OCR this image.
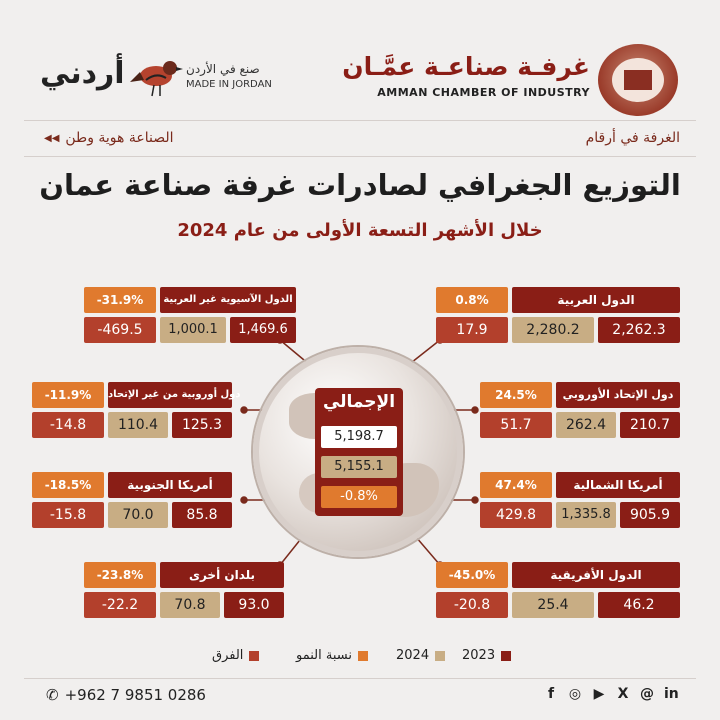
غرفـة صناعـة عمَّـان
AMMAN CHAMBER OF INDUSTRY
صنع في الأردن
MADE IN JORDAN
أردني
الغرفة في أرقام
الصناعة هوية وطن
◀◀
التوزيع الجغرافي لصادرات غرفة صناعة عمان
خلال الأشهر التسعة الأولى من عام 2024
الإجمالي
5,198.7
5,155.1
-0.8%
0.8%	الدول العربية
17.9	2,280.2	2,262.3
24.5%	دول الإتحاد الأوروبي
51.7	262.4	210.7
47.4%	أمريكا الشمالية
429.8	1,335.8	905.9
-45.0%	الدول الأفريقية
-20.8	25.4	46.2
-31.9%	الدول الآسيوية غير العربية
-469.5	1,000.1	1,469.6
-11.9%	دول أوروبية من غير الإتحاد
-14.8	110.4	125.3
-18.5%	أمريكا الجنوبية
-15.8	70.0	85.8
-23.8%	بلدان أخرى
-22.2	70.8	93.0
2023
2024
نسبة النمو
الفرق
✆ +962 7 9851 0286	f ◎ ▶ X @ in
